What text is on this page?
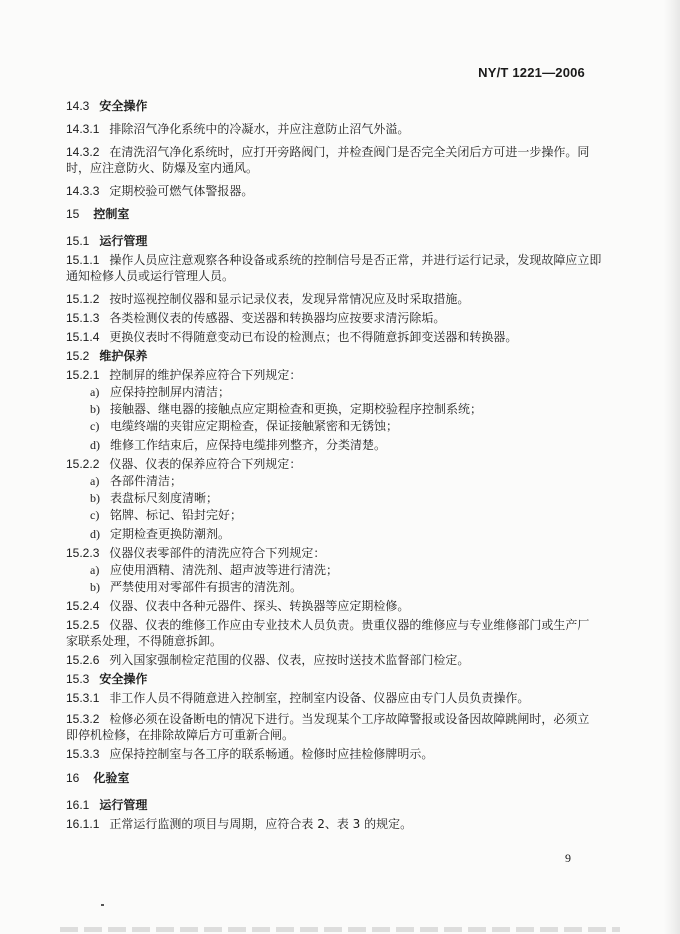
NY/T 1221—2006
14.3 安全操作
14.3.1 排除沼气净化系统中的冷凝水，并应注意防止沼气外溢。
14.3.2 在清洗沼气净化系统时，应打开旁路阀门，并检查阀门是否完全关闭后方可进一步操作。同
时，应注意防火、防爆及室内通风。
14.3.3 定期校验可燃气体警报器。
15 控制室
15.1 运行管理
15.1.1 操作人员应注意观察各种设备或系统的控制信号是否正常，并进行运行记录，发现故障应立即
通知检修人员或运行管理人员。
15.1.2 按时巡视控制仪器和显示记录仪表，发现异常情况应及时采取措施。
15.1.3 各类检测仪表的传感器、变送器和转换器均应按要求清污除垢。
15.1.4 更换仪表时不得随意变动已布设的检测点；也不得随意拆卸变送器和转换器。
15.2 维护保养
15.2.1 控制屏的维护保养应符合下列规定：
a) 应保持控制屏内清洁；
b) 接触器、继电器的接触点应定期检查和更换，定期校验程序控制系统；
c) 电缆终端的夹钳应定期检查，保证接触紧密和无锈蚀；
d) 维修工作结束后，应保持电缆排列整齐，分类清楚。
15.2.2 仪器、仪表的保养应符合下列规定：
a) 各部件清洁；
b) 表盘标尺刻度清晰；
c) 铭牌、标记、铅封完好；
d) 定期检查更换防潮剂。
15.2.3 仪器仪表零部件的清洗应符合下列规定：
a) 应使用酒精、清洗剂、超声波等进行清洗；
b) 严禁使用对零部件有损害的清洗剂。
15.2.4 仪器、仪表中各种元器件、探头、转换器等应定期检修。
15.2.5 仪器、仪表的维修工作应由专业技术人员负责。贵重仪器的维修应与专业维修部门或生产厂
家联系处理，不得随意拆卸。
15.2.6 列入国家强制检定范围的仪器、仪表，应按时送技术监督部门检定。
15.3 安全操作
15.3.1 非工作人员不得随意进入控制室，控制室内设备、仪器应由专门人员负责操作。
15.3.2 检修必须在设备断电的情况下进行。当发现某个工序故障警报或设备因故障跳闸时，必须立
即停机检修，在排除故障后方可重新合闸。
15.3.3 应保持控制室与各工序的联系畅通。检修时应挂检修牌明示。
16 化验室
16.1 运行管理
16.1.1 正常运行监测的项目与周期，应符合表 2、表 3 的规定。
9
